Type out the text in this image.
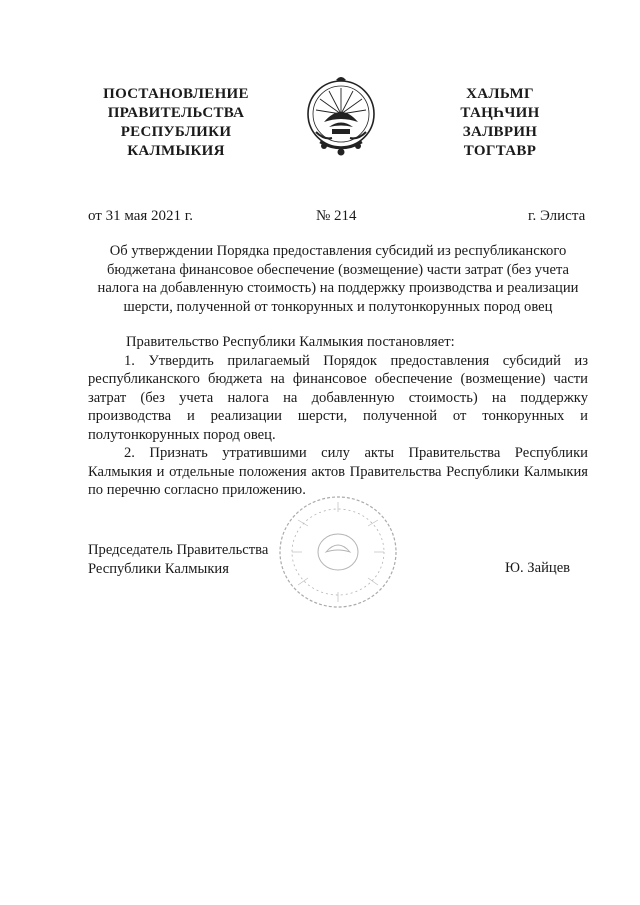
ПОСТАНОВЛЕНИЕ
ПРАВИТЕЛЬСТВА
РЕСПУБЛИКИ
КАЛМЫКИЯ
ХАЛЬМГ
ТАҢҺЧИН
ЗАЛВРИН
ТОГТАВР
от 31 мая 2021 г.	№ 214	г. Элиста
Об утверждении Порядка предоставления субсидий из республиканского
бюджетана финансовое обеспечение (возмещение) части затрат (без учета
налога на добавленную стоимость) на поддержку производства и реализации
шерсти, полученной от тонкорунных и полутонкорунных пород овец

Правительство Республики Калмыкия постановляет:

1. Утвердить прилагаемый Порядок предоставления субсидий из республиканского бюджета на финансовое обеспечение (возмещение) части затрат (без учета налога на добавленную стоимость) на поддержку производства и реализации шерсти, полученной от тонкорунных и полутонкорунных пород овец.

2. Признать утратившими силу акты Правительства Республики Калмыкия и отдельные положения актов Правительства Республики Калмыкия по перечню согласно приложению.

Председатель Правительства
Республики Калмыкия	Ю. Зайцев
